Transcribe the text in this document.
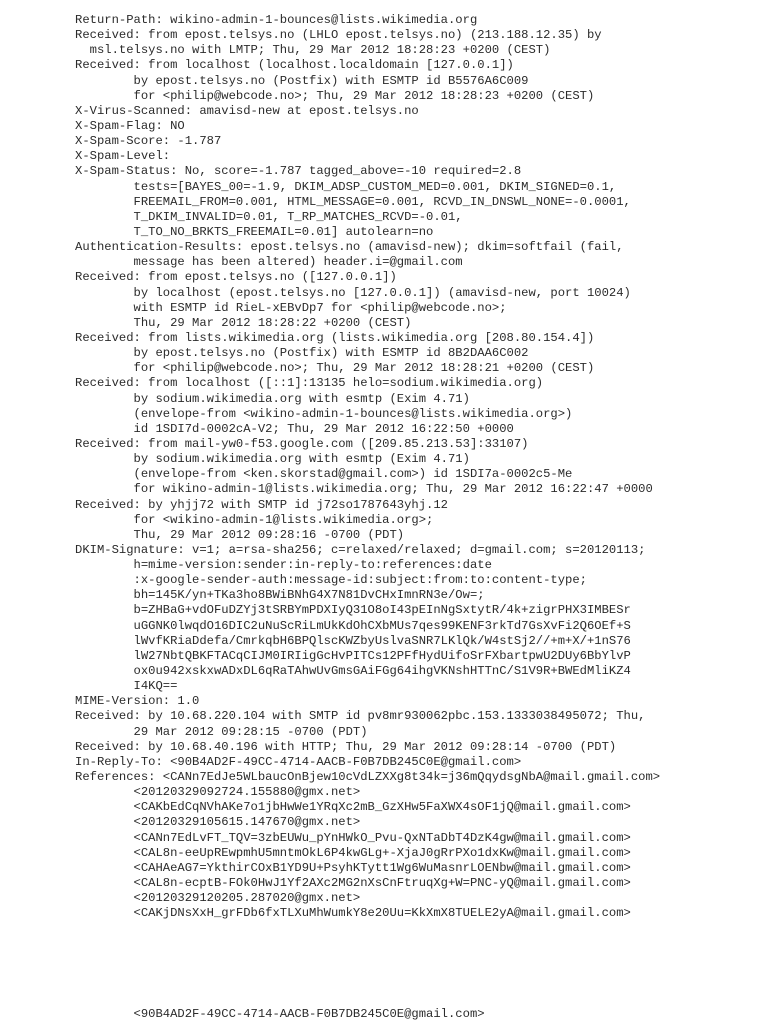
Return-Path: wikino-admin-1-bounces@lists.wikimedia.org
Received: from epost.telsys.no (LHLO epost.telsys.no) (213.188.12.35) by
msl.telsys.no with LMTP; Thu, 29 Mar 2012 18:28:23 +0200 (CEST)
Received: from localhost (localhost.localdomain [127.0.0.1])
by epost.telsys.no (Postfix) with ESMTP id B5576A6C009
for <philip@webcode.no>; Thu, 29 Mar 2012 18:28:23 +0200 (CEST)
X-Virus-Scanned: amavisd-new at epost.telsys.no
X-Spam-Flag: NO
X-Spam-Score: -1.787
X-Spam-Level:
X-Spam-Status: No, score=-1.787 tagged_above=-10 required=2.8
tests=[BAYES_00=-1.9, DKIM_ADSP_CUSTOM_MED=0.001, DKIM_SIGNED=0.1,
FREEMAIL_FROM=0.001, HTML_MESSAGE=0.001, RCVD_IN_DNSWL_NONE=-0.0001,
T_DKIM_INVALID=0.01, T_RP_MATCHES_RCVD=-0.01,
T_TO_NO_BRKTS_FREEMAIL=0.01] autolearn=no
Authentication-Results: epost.telsys.no (amavisd-new); dkim=softfail (fail,
message has been altered) header.i=@gmail.com
Received: from epost.telsys.no ([127.0.0.1])
by localhost (epost.telsys.no [127.0.0.1]) (amavisd-new, port 10024)
with ESMTP id RieL-xEBvDp7 for <philip@webcode.no>;
Thu, 29 Mar 2012 18:28:22 +0200 (CEST)
Received: from lists.wikimedia.org (lists.wikimedia.org [208.80.154.4])
by epost.telsys.no (Postfix) with ESMTP id 8B2DAA6C002
for <philip@webcode.no>; Thu, 29 Mar 2012 18:28:21 +0200 (CEST)
Received: from localhost ([::1]:13135 helo=sodium.wikimedia.org)
by sodium.wikimedia.org with esmtp (Exim 4.71)
(envelope-from <wikino-admin-1-bounces@lists.wikimedia.org>)
id 1SDI7d-0002cA-V2; Thu, 29 Mar 2012 16:22:50 +0000
Received: from mail-yw0-f53.google.com ([209.85.213.53]:33107)
by sodium.wikimedia.org with esmtp (Exim 4.71)
(envelope-from <ken.skorstad@gmail.com>) id 1SDI7a-0002c5-Me
for wikino-admin-1@lists.wikimedia.org; Thu, 29 Mar 2012 16:22:47 +0000
Received: by yhjj72 with SMTP id j72so1787643yhj.12
for <wikino-admin-1@lists.wikimedia.org>;
Thu, 29 Mar 2012 09:28:16 -0700 (PDT)
DKIM-Signature: v=1; a=rsa-sha256; c=relaxed/relaxed; d=gmail.com; s=20120113;
h=mime-version:sender:in-reply-to:references:date
:x-google-sender-auth:message-id:subject:from:to:content-type;
bh=145K/yn+TKa3ho8BWiBNhG4X7N81DvCHxImnRN3e/Ow=;
b=ZHBaG+vdOFuDZYj3tSRBYmPDXIyQ31O8oI43pEInNgSxtytR/4k+zigrPHX3IMBESr
uGGNK0lwqdO16DIC2uNuScRiLmUkKdOhCXbMUs7qes99KENF3rkTd7GsXvFi2Q6OEf+S
lWvfKRiaDdefa/CmrkqbH6BPQlscKWZbyUslvaSNR7LKlQk/W4stSj2//+m+X/+1nS76
lW27NbtQBKFTACqCIJM0IRIigGcHvPITCs12PFfHydUifoSrFXbartpwU2DUy6BbYlvP
ox0u942xskxwADxDL6qRaTAhwUvGmsGAiFGg64ihgVKNshHTTnC/S1V9R+BWEdMliKZ4
I4KQ==
MIME-Version: 1.0
Received: by 10.68.220.104 with SMTP id pv8mr930062pbc.153.1333038495072; Thu,
29 Mar 2012 09:28:15 -0700 (PDT)
Received: by 10.68.40.196 with HTTP; Thu, 29 Mar 2012 09:28:14 -0700 (PDT)
In-Reply-To: <90B4AD2F-49CC-4714-AACB-F0B7DB245C0E@gmail.com>
References: <CANn7EdJe5WLbaucOnBjew10cVdLZXXg8t34k=j36mQqydsgNbA@mail.gmail.com>
<20120329092724.155880@gmx.net>
<CAKbEdCqNVhAKe7o1jbHwWe1YRqXc2mB_GzXHw5FaXWX4sOF1jQ@mail.gmail.com>
<20120329105615.147670@gmx.net>
<CANn7EdLvFT_TQV=3zbEUWu_pYnHWkO_Pvu-QxNTaDbT4DzK4gw@mail.gmail.com>
<CAL8n-eeUpREwpmhU5mntmOkL6P4kwGLg+-XjaJ0gRrPXo1dxKw@mail.gmail.com>
<CAHAeAG7=YkthirCOxB1YD9U+PsyhKTytt1Wg6WuMasnrLOENbw@mail.gmail.com>
<CAL8n-ecptB-FOk0HwJ1Yf2AXc2MG2nXsCnFtruqXg+W=PNC-yQ@mail.gmail.com>
<20120329120205.287020@gmx.net>
<CAKjDNsXxH_grFDb6fxTLXuMhWumkY8e20Uu=KkXmX8TUELE2yA@mail.gmail.com>
<90B4AD2F-49CC-4714-AACB-F0B7DB245C0E@gmail.com>
